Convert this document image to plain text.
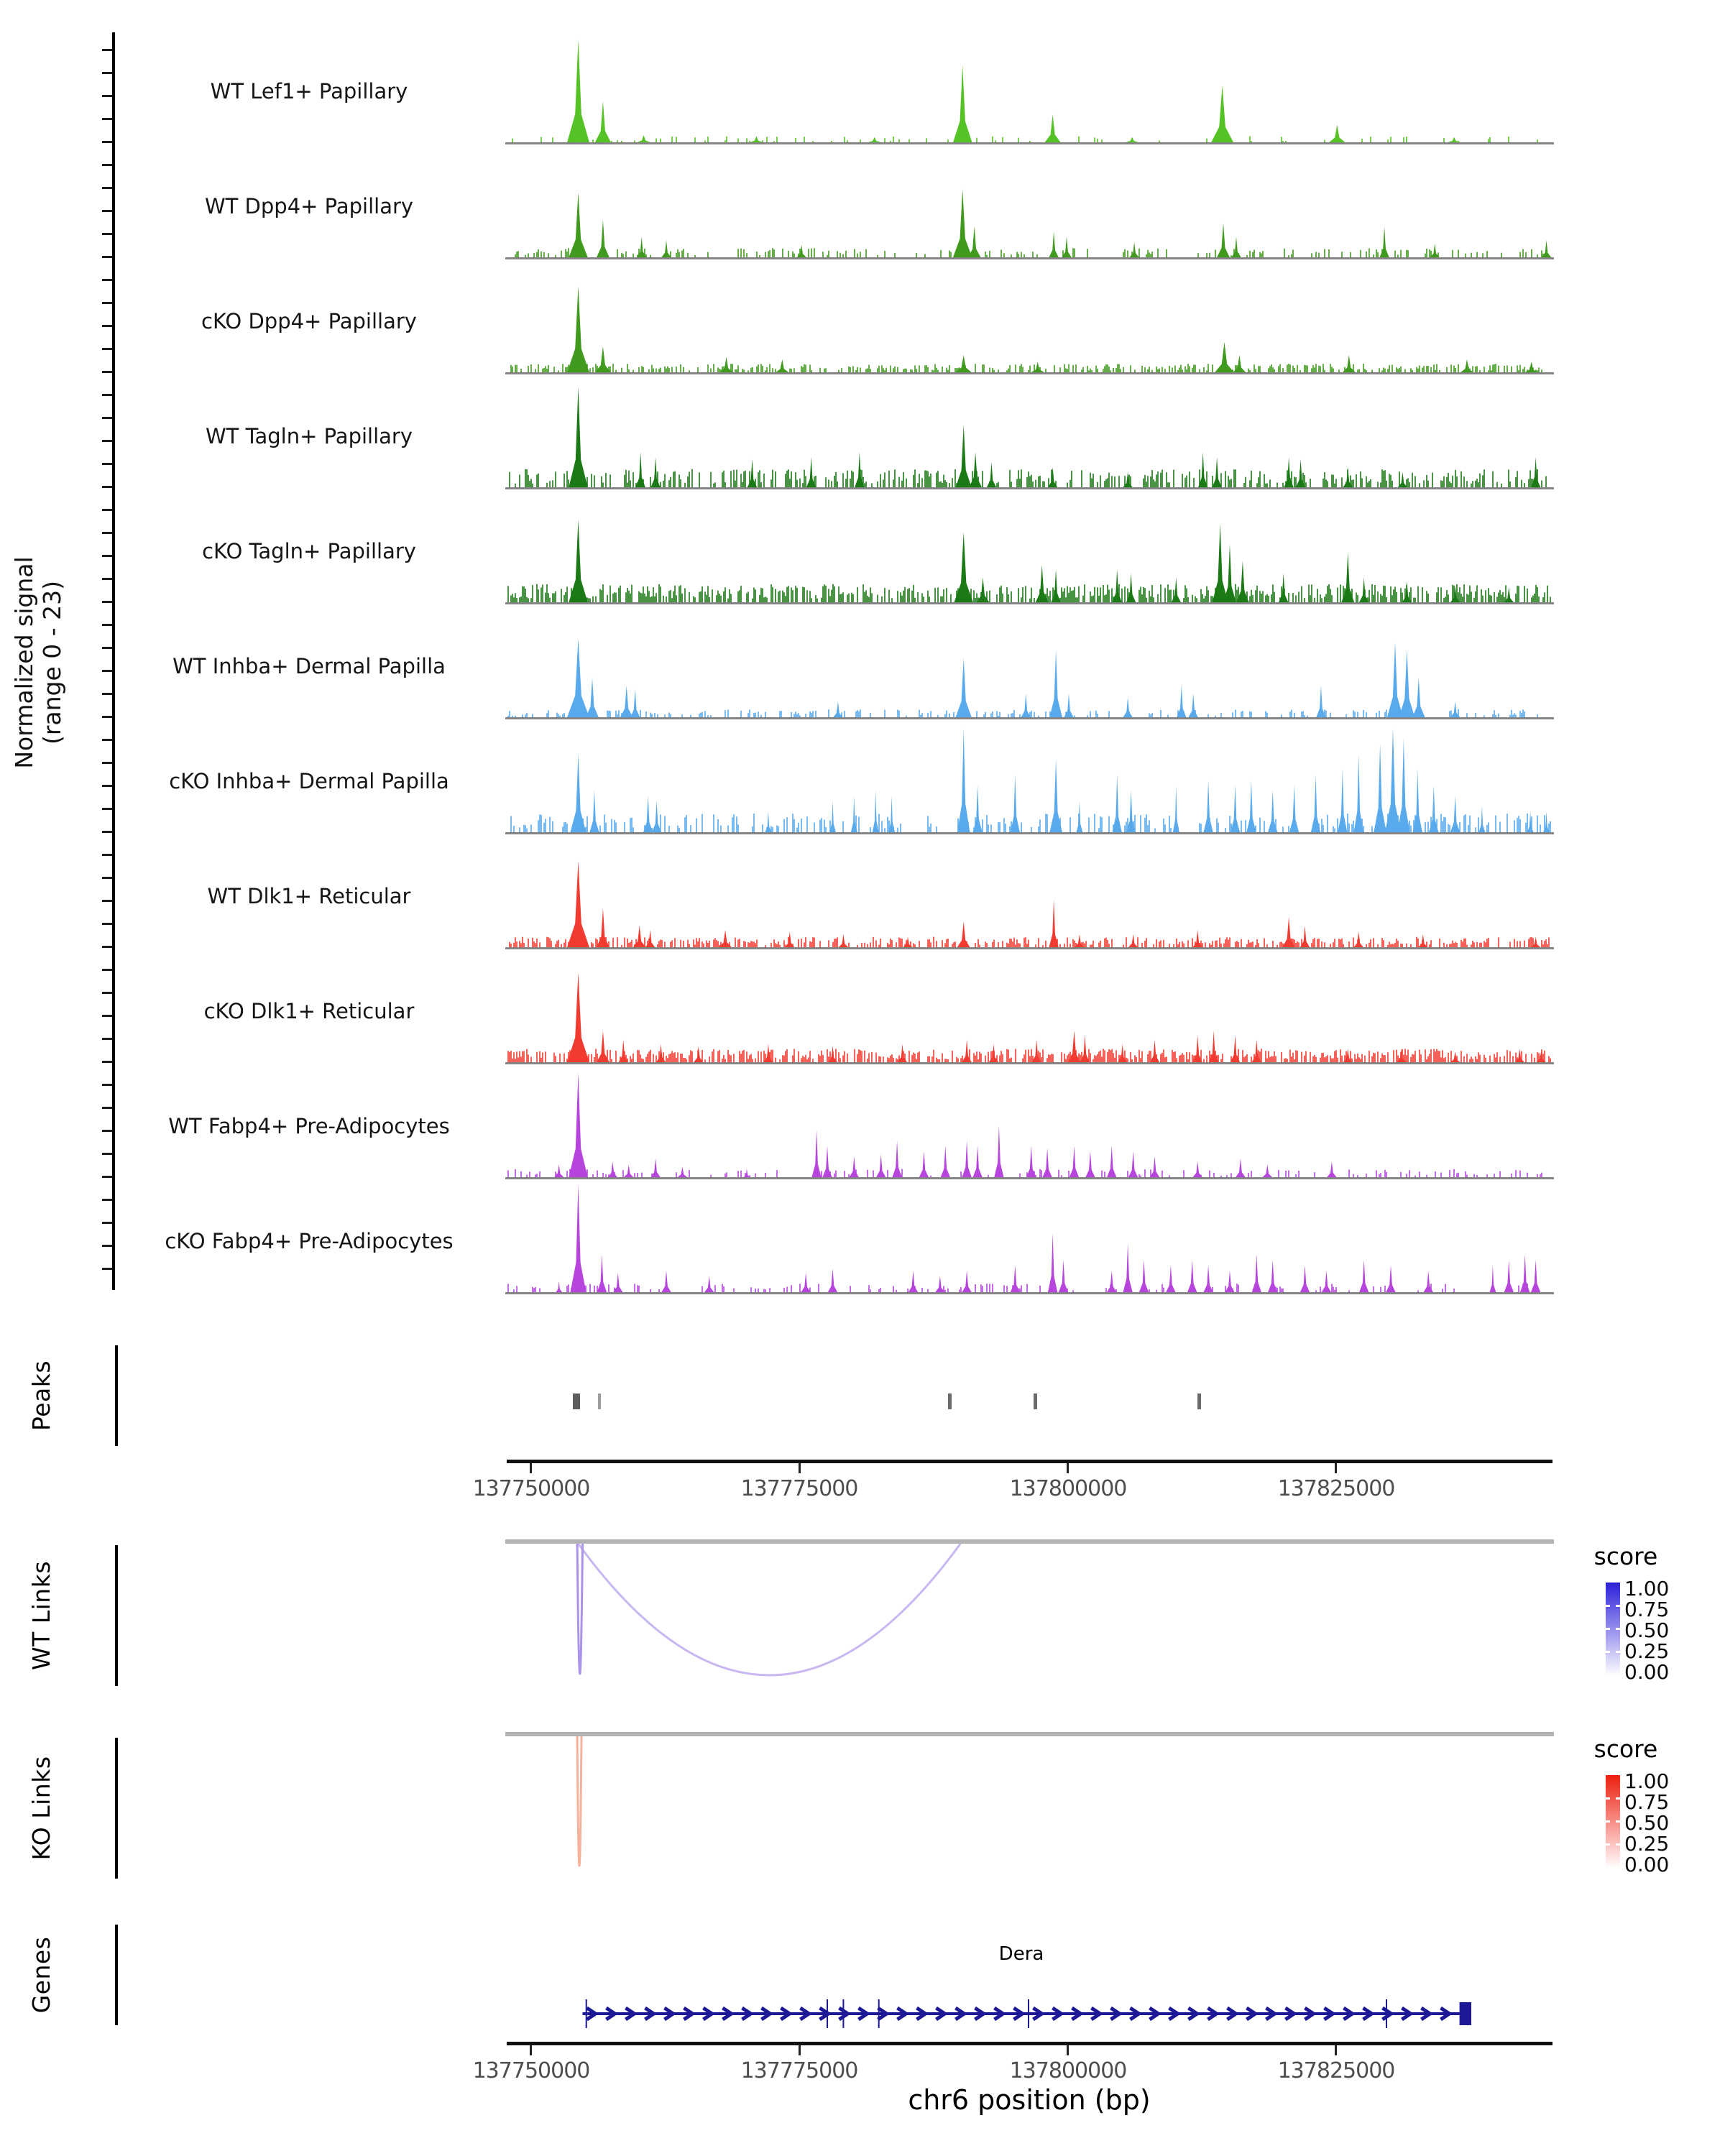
Normalized signal (range 0 - 23)
WT Lef1+ Papillary
WT Dpp4+ Papillary
cKO Dpp4+ Papillary
WT Tagln+ Papillary
cKO Tagln+ Papillary
WT Inhba+ Dermal Papilla
cKO Inhba+ Dermal Papilla
WT Dlk1+ Reticular
cKO Dlk1+ Reticular
WT Fabp4+ Pre-Adipocytes
cKO Fabp4+ Pre-Adipocytes
Peaks
137750000	137775000	137800000	137825000
WT Links
score
1.00
0.75
0.50
0.25
0.00
KO Links
score
1.00
0.75
0.50
0.25
0.00
Genes	Dera
137750000	137775000	137800000	137825000
chr6 position (bp)
